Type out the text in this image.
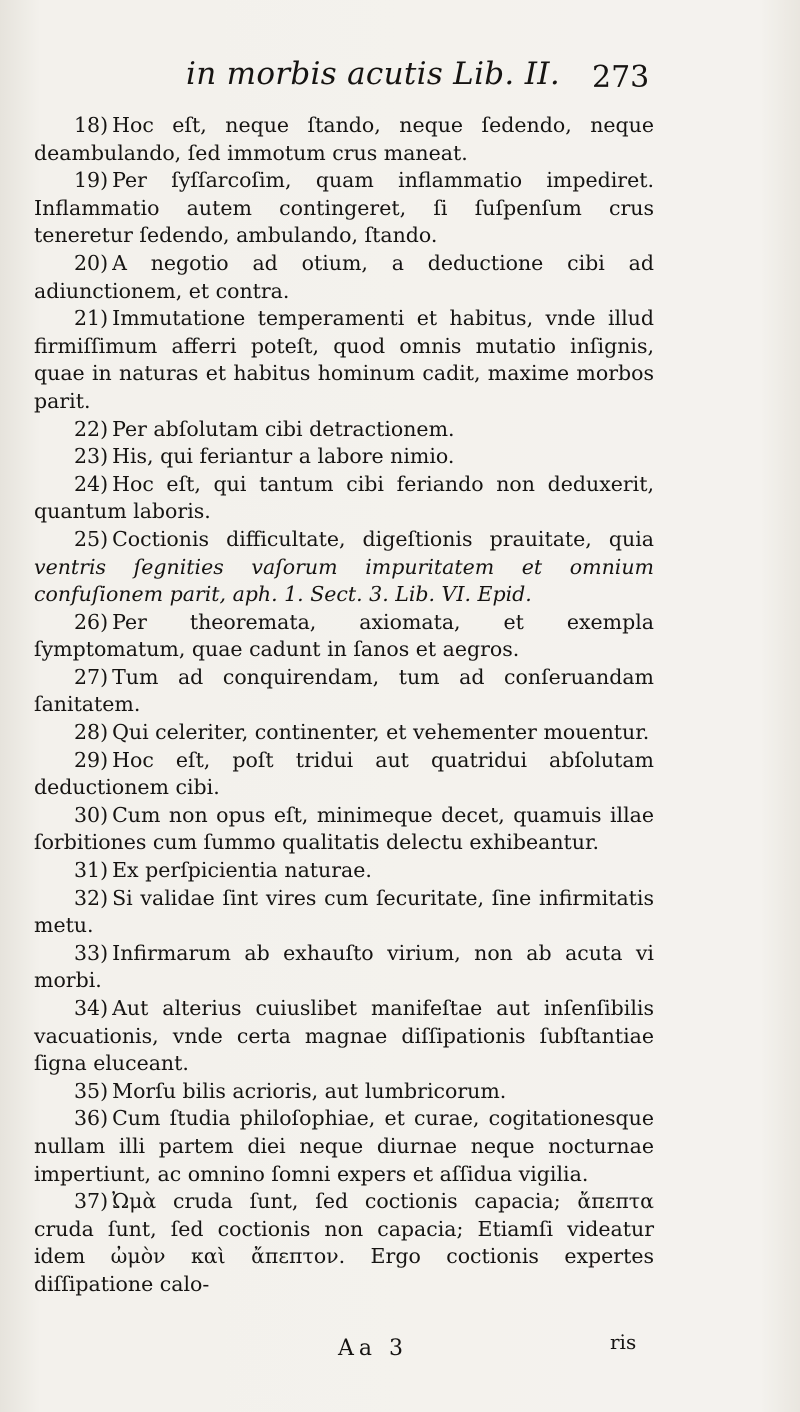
in morbis acutis Lib. II. 273

18) Hoc eſt, neque ſtando, neque ſedendo, neque deambulando, ſed immotum crus maneat.

19) Per ſyſſarcoſim, quam inflammatio impediret. Inflammatio autem contingeret, ſi ſuſpenſum crus teneretur ſedendo, ambulando, ſtando.

20) A negotio ad otium, a deductione cibi ad adiunctionem, et contra.

21) Immutatione temperamenti et habitus, vnde illud firmiſſimum afferri poteſt, quod omnis mutatio inſignis, quae in naturas et habitus hominum cadit, maxime morbos parit.

22) Per abſolutam cibi detractionem.

23) His, qui feriantur a labore nimio.

24) Hoc eſt, qui tantum cibi feriando non deduxerit, quantum laboris.

25) Coctionis difficultate, digeſtionis prauitate, quia ventris ſegnities vaſorum impuritatem et omnium confuſionem parit, aph. 1. Sect. 3. Lib. VI. Epid.

26) Per theoremata, axiomata, et exempla ſymptomatum, quae cadunt in ſanos et aegros.

27) Tum ad conquirendam, tum ad conſeruandam ſanitatem.

28) Qui celeriter, continenter, et vehementer mouentur.

29) Hoc eſt, poſt tridui aut quatridui abſolutam deductionem cibi.

30) Cum non opus eſt, minimeque decet, quamuis illae ſorbitiones cum ſummo qualitatis delectu exhibeantur.

31) Ex perſpicientia naturae.

32) Si validae ſint vires cum ſecuritate, ſine infirmitatis metu.

33) Infirmarum ab exhauſto virium, non ab acuta vi morbi.

34) Aut alterius cuiuslibet manifeſtae aut inſenſibilis vacuationis, vnde certa magnae diſſipationis ſubſtantiae ſigna eluceant.

35) Morſu bilis acrioris, aut lumbricorum.

36) Cum ſtudia philoſophiae, et curae, cogitationesque nullam illi partem diei neque diurnae neque nocturnae impertiunt, ac omnino ſomni expers et aſſidua vigilia.

37) Ὠμὰ cruda ſunt, ſed coctionis capacia; ἄπεπτα cruda ſunt, ſed coctionis non capacia; Etiamſi videatur idem ὠμὸν καὶ ἄπεπτον. Ergo coctionis expertes diſſipatione calo-

Aa 3	ris
